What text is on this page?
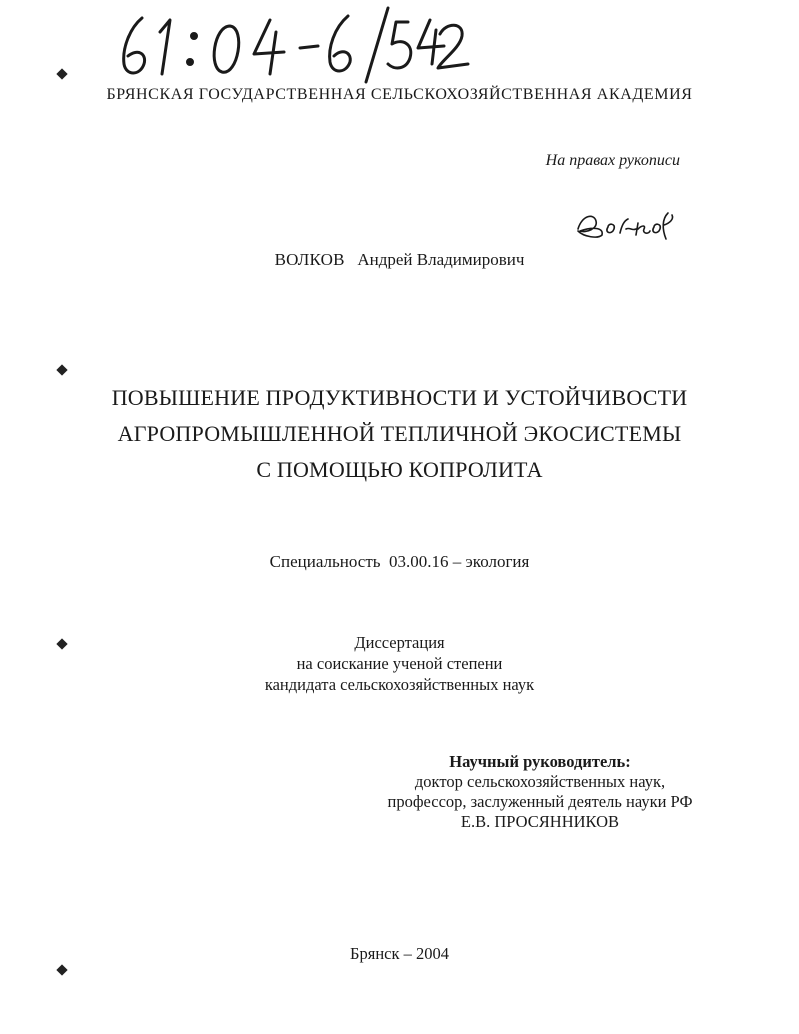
БРЯНСКАЯ ГОСУДАРСТВЕННАЯ СЕЛЬСКОХОЗЯЙСТВЕННАЯ АКАДЕМИЯ
На правах рукописи
ВОЛКОВ Андрей Владимирович
ПОВЫШЕНИЕ ПРОДУКТИВНОСТИ И УСТОЙЧИВОСТИ
АГРОПРОМЫШЛЕННОЙ ТЕПЛИЧНОЙ ЭКОСИСТЕМЫ
С ПОМОЩЬЮ КОПРОЛИТА
Специальность  03.00.16 – экология
Диссертация
на соискание ученой степени
кандидата сельскохозяйственных наук
Научный руководитель:
доктор сельскохозяйственных наук,
профессор, заслуженный деятель науки РФ
Е.В. ПРОСЯННИКОВ
Брянск – 2004
